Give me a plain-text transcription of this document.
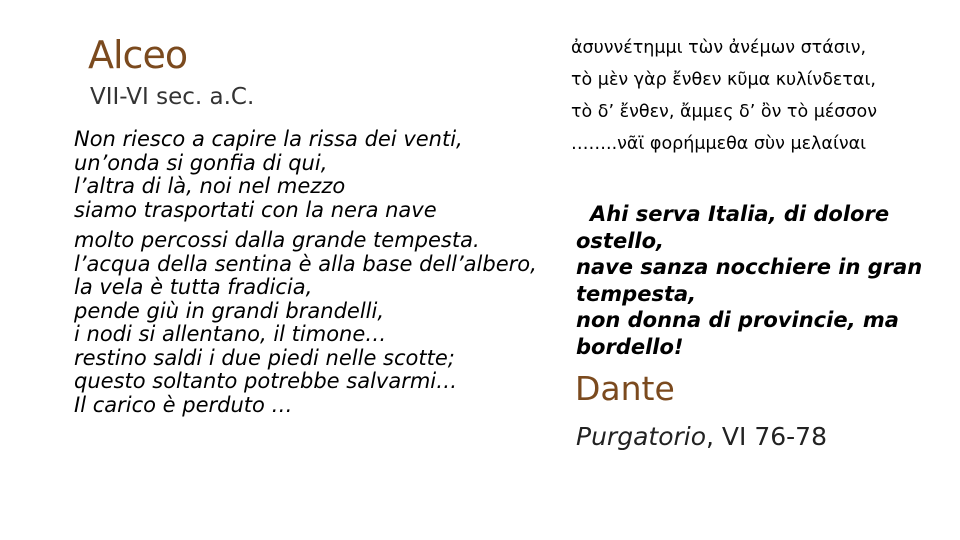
Alceo
VII-VI sec. a.C.
Non riesco a capire la rissa dei venti,
un’onda si gonfia di qui,
l’altra di là, noi nel mezzo
siamo trasportati con la nera nave
molto percossi dalla grande tempesta.
l’acqua della sentina è alla base dell’albero,
la vela è tutta fradicia,
pende giù in grandi brandelli,
i nodi si allentano, il timone…
restino saldi i due piedi nelle scotte;
questo soltanto potrebbe salvarmi…
Il carico è perduto …
ἀσυννέτημμι τὼν ἀνέμων στάσιν,
τὸ μὲν γὰρ ἔνθεν κῦμα κυλίνδεται,
τὸ δ’ ἔνθεν, ἄμμες δ’ ὂν τὸ μέσσον
……..νᾶϊ φορήμμεθα σὺν μελαίναι
Ahi serva Italia, di dolore
ostello,
nave sanza nocchiere in gran
tempesta,
non donna di provincie, ma
bordello!
Dante
Purgatorio, VI 76-78
